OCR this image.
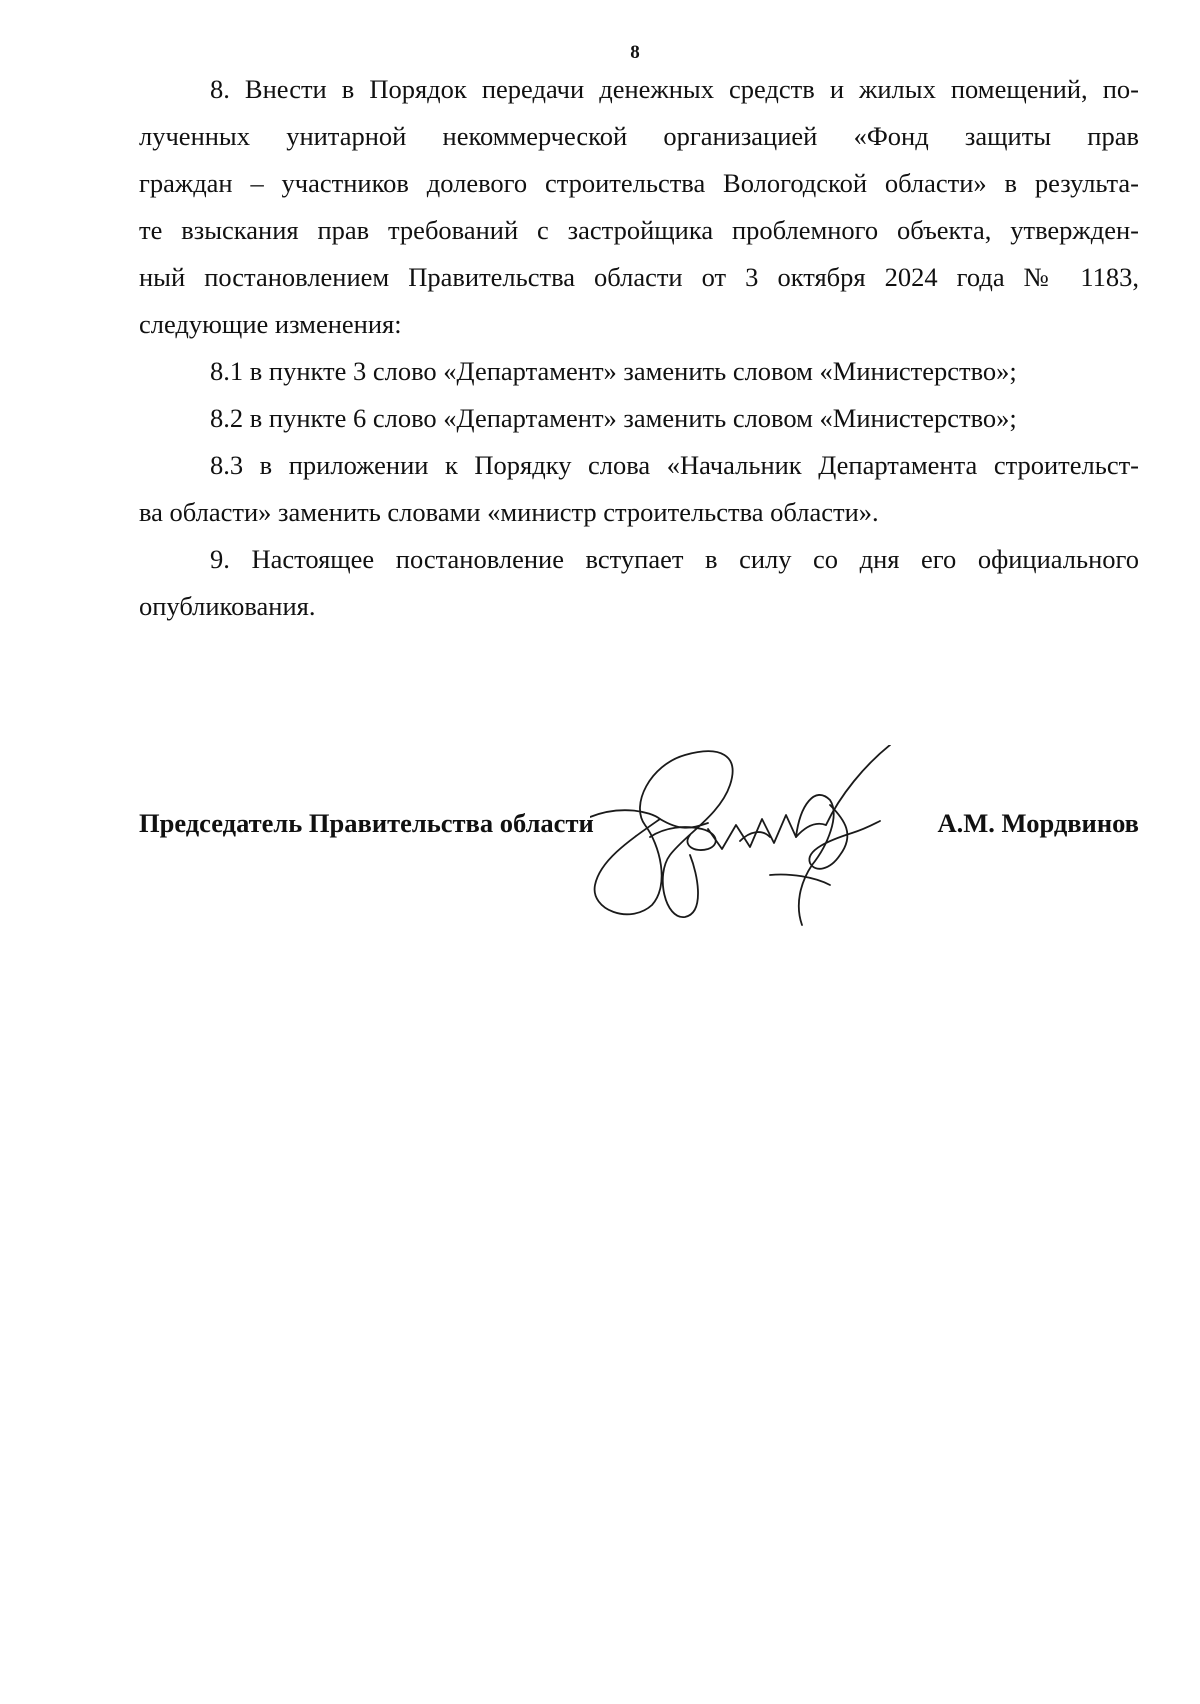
8
8. Внести в Порядок передачи денежных средств и жилых помещений, по-
лученных унитарной некоммерческой организацией «Фонд защиты прав
граждан – участников долевого строительства Вологодской области» в результа-
те взыскания прав требований с застройщика проблемного объекта, утвержден-
ный постановлением Правительства области от 3 октября 2024 года № 1183,
следующие изменения:
8.1 в пункте 3 слово «Департамент» заменить словом «Министерство»;
8.2 в пункте 6 слово «Департамент» заменить словом «Министерство»;
8.3 в приложении к Порядку слова «Начальник Департамента строительст-
ва области» заменить словами «министр строительства области».
9. Настоящее постановление вступает в силу со дня его официального
опубликования.
Председатель Правительства области	А.М. Мордвинов
